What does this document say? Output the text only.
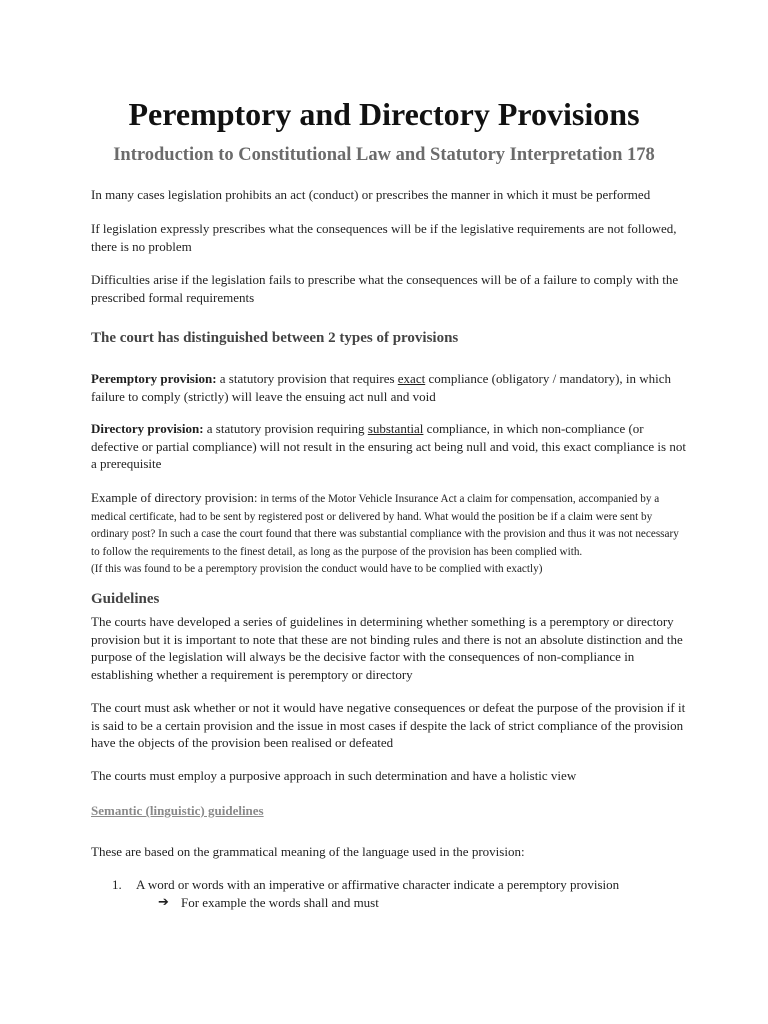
Peremptory and Directory Provisions
Introduction to Constitutional Law and Statutory Interpretation 178

In many cases legislation prohibits an act (conduct) or prescribes the manner in which it must be performed

If legislation expressly prescribes what the consequences will be if the legislative requirements are not followed, there is no problem

Difficulties arise if the legislation fails to prescribe what the consequences will be of a failure to comply with the prescribed formal requirements

The court has distinguished between 2 types of provisions

Peremptory provision: a statutory provision that requires exact compliance (obligatory / mandatory), in which failure to comply (strictly) will leave the ensuing act null and void

Directory provision: a statutory provision requiring substantial compliance, in which non-compliance (or defective or partial compliance) will not result in the ensuring act being null and void, this exact compliance is not a prerequisite

Example of directory provision: in terms of the Motor Vehicle Insurance Act a claim for compensation, accompanied by a medical certificate, had to be sent by registered post or delivered by hand. What would the position be if a claim were sent by ordinary post? In such a case the court found that there was substantial compliance with the provision and thus it was not necessary to follow the requirements to the finest detail, as long as the purpose of the provision has been complied with.
(If this was found to be a peremptory provision the conduct would have to be complied with exactly)

Guidelines

The courts have developed a series of guidelines in determining whether something is a peremptory or directory provision but it is important to note that these are not binding rules and there is not an absolute distinction and the purpose of the legislation will always be the decisive factor with the consequences of non-compliance in establishing whether a requirement is peremptory or directory

The court must ask whether or not it would have negative consequences or defeat the purpose of the provision if it is said to be a certain provision and the issue in most cases if despite the lack of strict compliance of the provision have the objects of the provision been realised or defeated

The courts must employ a purposive approach in such determination and have a holistic view

Semantic (linguistic) guidelines

These are based on the grammatical meaning of the language used in the provision:

1. A word or words with an imperative or affirmative character indicate a peremptory provision
➔ For example the words shall and must
